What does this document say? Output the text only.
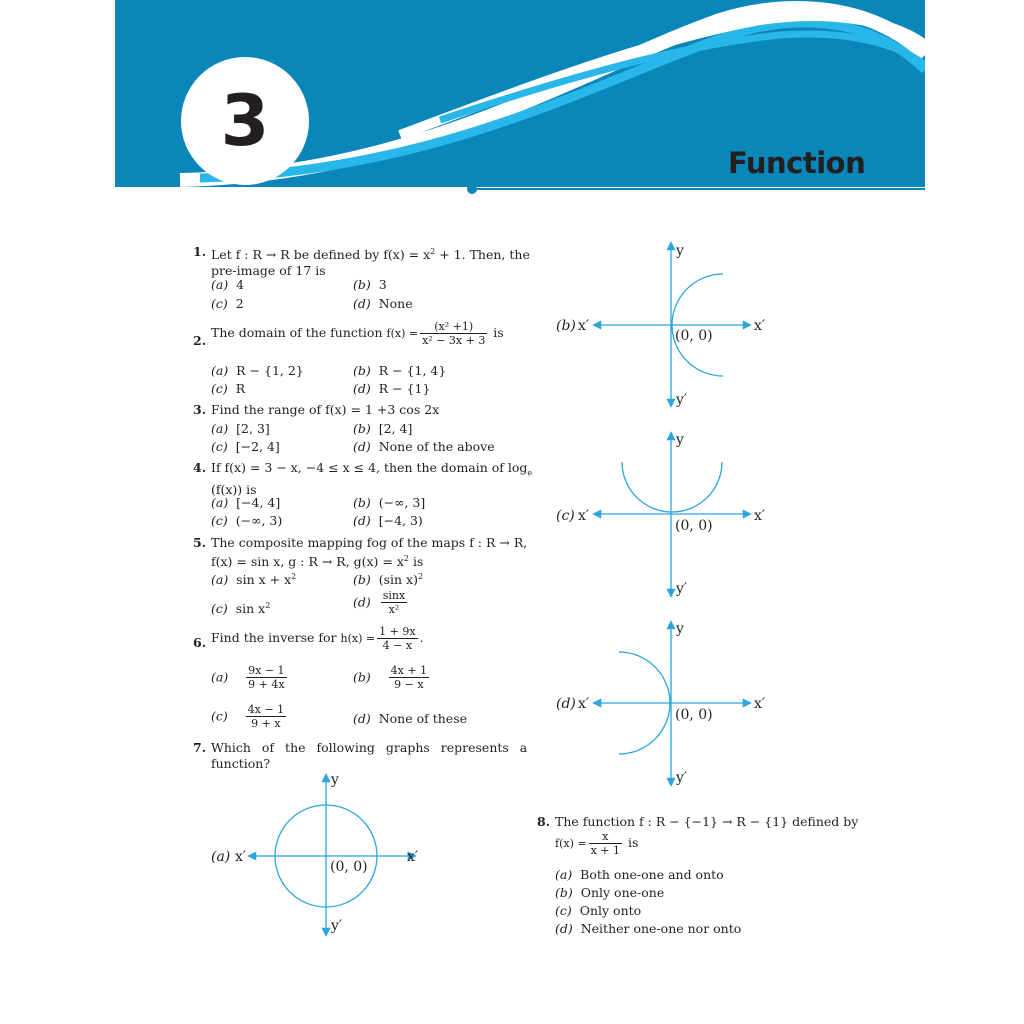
3
Function
1. Let f : R → R be defined by $f(x) = x^2 + 1$. Then, the
pre-image of 17 is
(a) 4	(b) 3
(c) 2	(d) None
2.
The domain of the function $f(x) = \frac{\text{(x² +1)}}{\text{x² − 3x + 3}}$ is
(a) R − {1, 2}	(b) R − {1, 4}
(c) R	(d) R − {1}
3. Find the range of f(x) = 1 +3 cos 2x
(a) [2, 3]	(b) [2, 4]
(c) [−2, 4]	(d) None of the above
4. If f(x) = 3 − x, −4 ≤ x ≤ 4, then the domain of $\log_e$
(f(x)) is
(a) [−4, 4]	(b) (−∞, 3]
(c) (−∞, 3)	(d) [−4, 3)
5. The composite mapping fog of the maps f : R → R,
f(x) = sin x, g : R → R, $g(x) = x^2$ is
(a) $\sin x + x^2$	(b) (sin x)$^2$
(c) $\sin x^2$	$(d) \frac{\sin x}{\text{x²}}$
6. Find the inverse for $h(x) = \frac{1 + 9x}{4 - x}$ .
$(a) \frac{9x - 1}{9 + 4x}$	$(b) \frac{4x + 1}{9 - x}$
$(c) \frac{4x - 1}{9 + x}$	(d) None of these
7. Which of the following graphs represents a
function?
8. The function f : R − {−1} → R − {1} defined by
$f(x) = \frac{x}{x + 1}$ is
(a) Both one-one and onto
(b) Only one-one
(c) Only onto
(d) Neither one-one nor onto
(a) x′	x′
y
y′
(0, 0)
(b) x′	x′
y
y′
(0, 0)
(c) x′	x′
y
y′
(0, 0)
(d) x′	x′
y
y′
(0, 0)
